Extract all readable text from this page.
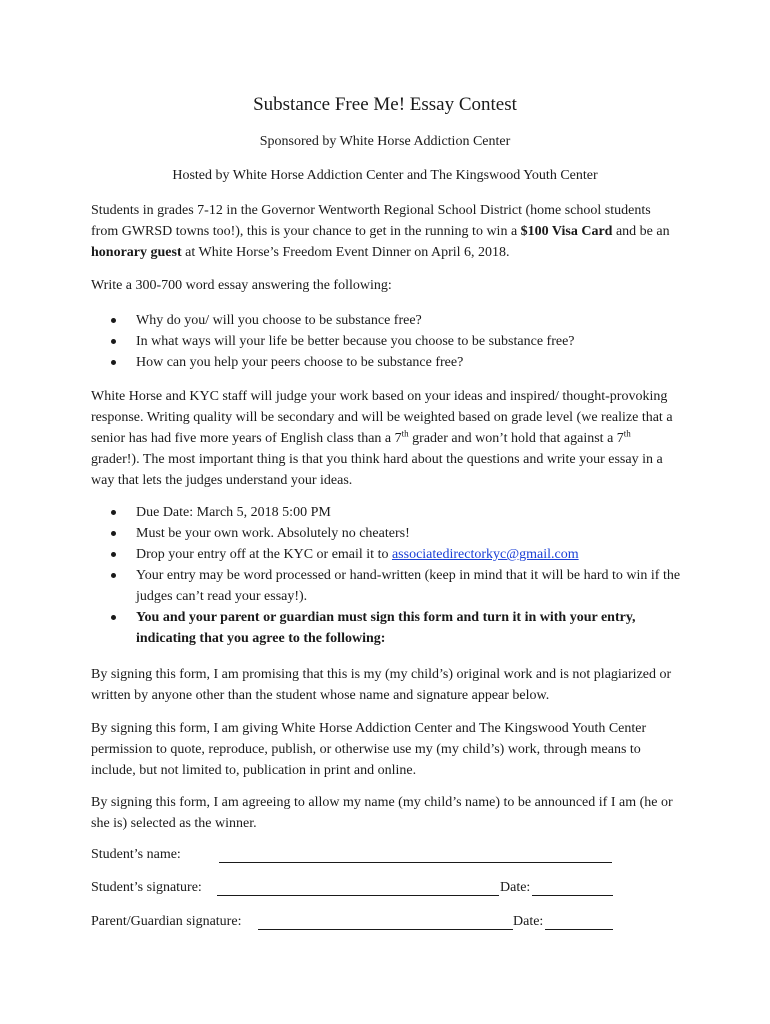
Substance Free Me! Essay Contest
Sponsored by White Horse Addiction Center
Hosted by White Horse Addiction Center and The Kingswood Youth Center

Students in grades 7-12 in the Governor Wentworth Regional School District (home school students from GWRSD towns too!), this is your chance to get in the running to win a $100 Visa Card and be an honorary guest at White Horse’s Freedom Event Dinner on April 6, 2018.

Write a 300-700 word essay answering the following:

Why do you/ will you choose to be substance free?
In what ways will your life be better because you choose to be substance free?
How can you help your peers choose to be substance free?

White Horse and KYC staff will judge your work based on your ideas and inspired/ thought-provoking response. Writing quality will be secondary and will be weighted based on grade level (we realize that a senior has had five more years of English class than a 7th grader and won’t hold that against a 7th grader!). The most important thing is that you think hard about the questions and write your essay in a way that lets the judges understand your ideas.

Due Date: March 5, 2018 5:00 PM
Must be your own work. Absolutely no cheaters!
Drop your entry off at the KYC or email it to associatedirectorkyc@gmail.com
Your entry may be word processed or hand-written (keep in mind that it will be hard to win if the judges can’t read your essay!).
You and your parent or guardian must sign this form and turn it in with your entry, indicating that you agree to the following:

By signing this form, I am promising that this is my (my child’s) original work and is not plagiarized or written by anyone other than the student whose name and signature appear below.

By signing this form, I am giving White Horse Addiction Center and The Kingswood Youth Center permission to quote, reproduce, publish, or otherwise use my (my child’s) work, through means to include, but not limited to, publication in print and online.

By signing this form, I am agreeing to allow my name (my child’s name) to be announced if I am (he or she is) selected as the winner.

Student’s name:
Student’s signature:	Date:
Parent/Guardian signature:	Date:
